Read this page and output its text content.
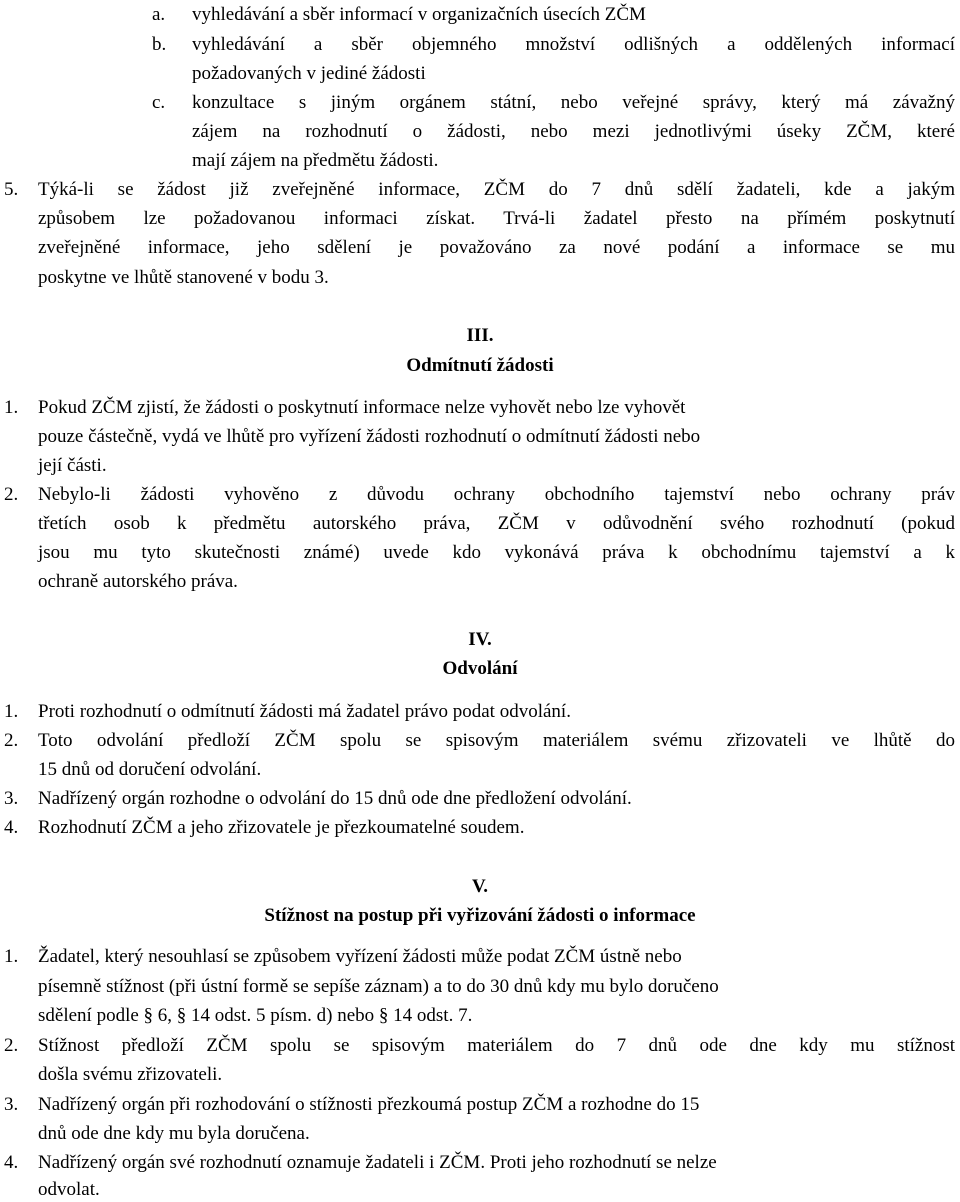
a. vyhledávání a sběr informací v organizačních úsecích ZČM
b. vyhledávání a sběr objemného množství odlišných a oddělených informací
požadovaných v jediné žádosti
c. konzultace s jiným orgánem státní, nebo veřejné správy, který má závažný
zájem na rozhodnutí o žádosti, nebo mezi jednotlivými úseky ZČM, které
mají zájem na předmětu žádosti.
5. Týká-li se žádost již zveřejněné informace, ZČM do 7 dnů sdělí žadateli, kde a jakým
způsobem lze požadovanou informaci získat. Trvá-li žadatel přesto na přímém poskytnutí
zveřejněné informace, jeho sdělení je považováno za nové podání a informace se mu
poskytne ve lhůtě stanovené v bodu 3.
III.
Odmítnutí žádosti
1. Pokud ZČM zjistí, že žádosti o poskytnutí informace nelze vyhovět nebo lze vyhovět
pouze částečně, vydá ve lhůtě pro vyřízení žádosti rozhodnutí o odmítnutí žádosti nebo
její části.
2. Nebylo-li žádosti vyhověno z důvodu ochrany obchodního tajemství nebo ochrany práv
třetích osob k předmětu autorského práva, ZČM v odůvodnění svého rozhodnutí (pokud
jsou mu tyto skutečnosti známé) uvede kdo vykonává práva k obchodnímu tajemství a k
ochraně autorského práva.
IV.
Odvolání
1. Proti rozhodnutí o odmítnutí žádosti má žadatel právo podat odvolání.
2. Toto odvolání předloží ZČM spolu se spisovým materiálem svému zřizovateli ve lhůtě do
15 dnů od doručení odvolání.
3. Nadřízený orgán rozhodne o odvolání do 15 dnů ode dne předložení odvolání.
4. Rozhodnutí ZČM a jeho zřizovatele je přezkoumatelné soudem.
V.
Stížnost na postup při vyřizování žádosti o informace
1. Žadatel, který nesouhlasí se způsobem vyřízení žádosti může podat ZČM ústně nebo
písemně stížnost (při ústní formě se sepíše záznam) a to do 30 dnů kdy mu bylo doručeno
sdělení podle § 6, § 14 odst. 5 písm. d) nebo § 14 odst. 7.
2. Stížnost předloží ZČM spolu se spisovým materiálem do 7 dnů ode dne kdy mu stížnost
došla svému zřizovateli.
3. Nadřízený orgán při rozhodování o stížnosti přezkoumá postup ZČM a rozhodne do 15
dnů ode dne kdy mu byla doručena.
4. Nadřízený orgán své rozhodnutí oznamuje žadateli i ZČM. Proti jeho rozhodnutí se nelze
odvolat.
